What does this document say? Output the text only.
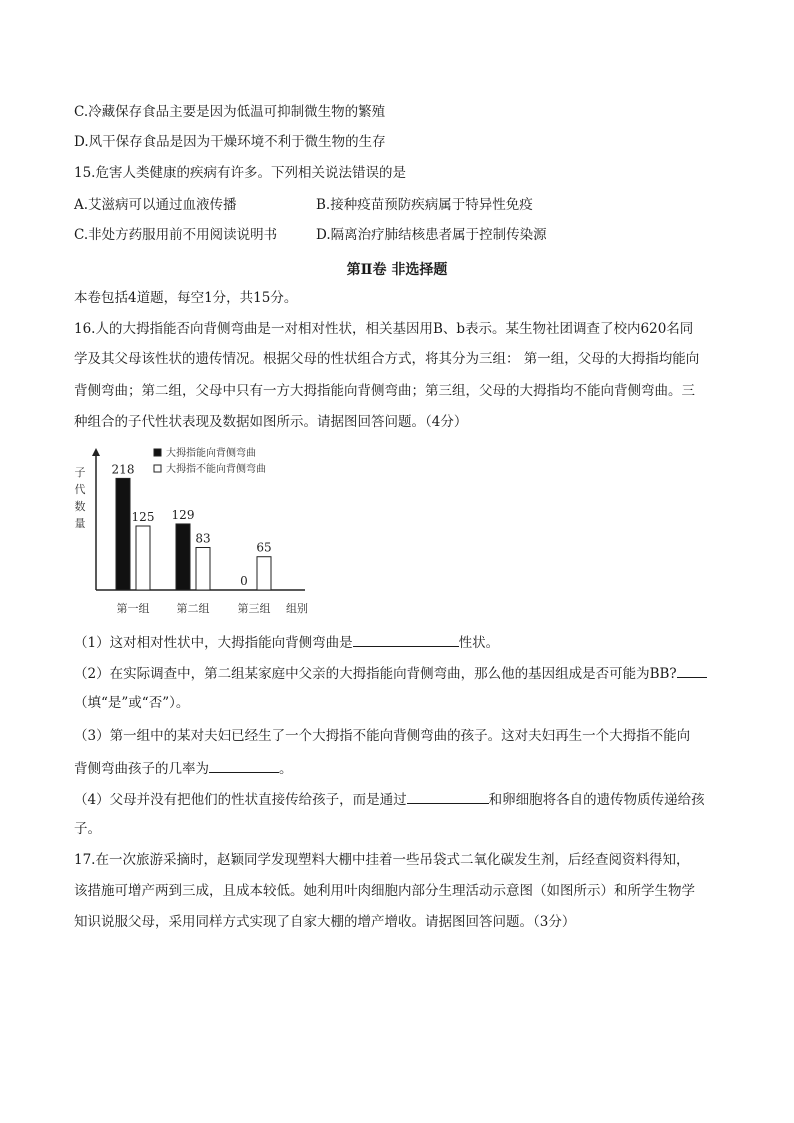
C.冷藏保存食品主要是因为低温可抑制微生物的繁殖
D.风干保存食品是因为干燥环境不利于微生物的生存
15.危害人类健康的疾病有许多。下列相关说法错误的是
A.艾滋病可以通过血液传播	B.接种疫苗预防疾病属于特异性免疫
C.非处方药服用前不用阅读说明书	D.隔离治疗肺结核患者属于控制传染源
第Ⅱ卷 非选择题
本卷包括4道题，每空1分，共15分。
16.人的大拇指能否向背侧弯曲是一对相对性状，相关基因用B、b表示。某生物社团调查了校内620名同
学及其父母该性状的遗传情况。根据父母的性状组合方式，将其分为三组： 第一组，父母的大拇指均能向
背侧弯曲；第二组，父母中只有一方大拇指能向背侧弯曲；第三组，父母的大拇指均不能向背侧弯曲。三
种组合的子代性状表现及数据如图所示。请据图回答问题。（4分）
子
代
数
量
组别
218
125
第一组
129
83
第二组
0
65
第三组
大拇指能向背侧弯曲
大拇指不能向背侧弯曲
（1）这对相对性状中，大拇指能向背侧弯曲是	性状。
（2）在实际调查中，第二组某家庭中父亲的大拇指能向背侧弯曲，那么他的基因组成是否可能为BB?
（填“是”或“否”）。
（3）第一组中的某对夫妇已经生了一个大拇指不能向背侧弯曲的孩子。这对夫妇再生一个大拇指不能向
背侧弯曲孩子的几率为	。
（4）父母并没有把他们的性状直接传给孩子，而是通过	和卵细胞将各自的遗传物质传递给孩
子。
17.在一次旅游采摘时，赵颖同学发现塑料大棚中挂着一些吊袋式二氧化碳发生剂，后经查阅资料得知，
该措施可增产两到三成，且成本较低。她利用叶肉细胞内部分生理活动示意图（如图所示）和所学生物学
知识说服父母，采用同样方式实现了自家大棚的增产增收。请据图回答问题。（3分）
